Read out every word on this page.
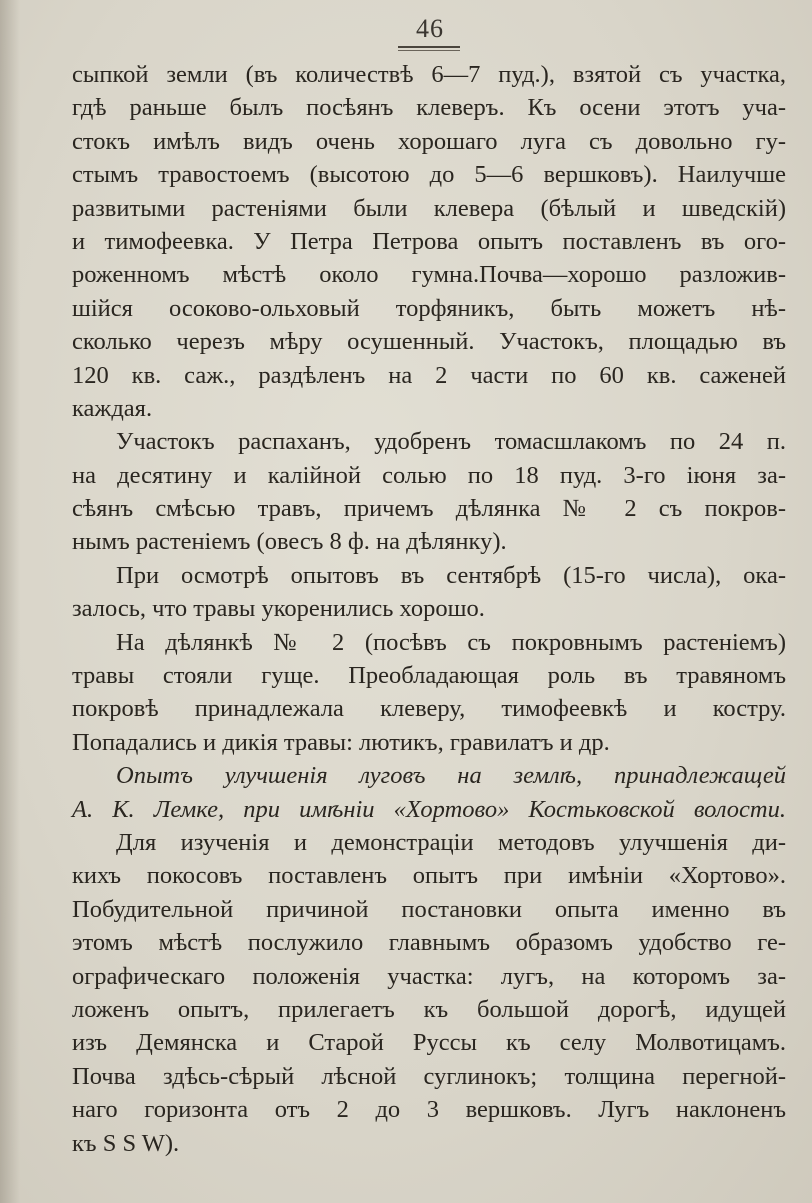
46
сыпкой земли (въ количествѣ 6—7 пуд.), взятой съ участка,
гдѣ раньше былъ посѣянъ клеверъ. Къ осени этотъ уча-
стокъ имѣлъ видъ очень хорошаго луга съ довольно гу-
стымъ травостоемъ (высотою до 5—6 вершковъ). Наилучше
развитыми растеніями были клевера (бѣлый и шведскій)
и тимофеевка. У Петра Петрова опытъ поставленъ въ ого-
роженномъ мѣстѣ около гумна.Почва—хорошо разложив-
шійся осоково-ольховый торфяникъ, быть можетъ нѣ-
сколько черезъ мѣру осушенный. Участокъ, площадью въ
120 кв. саж., раздѣленъ на 2 части по 60 кв. саженей
каждая.
Участокъ распаханъ, удобренъ томасшлакомъ по 24 п.
на десятину и калійной солью по 18 пуд. 3-го іюня за-
сѣянъ смѣсью травъ, причемъ дѣлянка № 2 съ покров-
нымъ растеніемъ (овесъ 8 ф. на дѣлянку).
При осмотрѣ опытовъ въ сентябрѣ (15-го числа), ока-
залось, что травы укоренились хорошо.
На дѣлянкѣ № 2 (посѣвъ съ покровнымъ растеніемъ)
травы стояли гуще. Преобладающая роль въ травяномъ
покровѣ принадлежала клеверу, тимофеевкѣ и костру.
Попадались и дикія травы: лютикъ, гравилатъ и др.
Опытъ улучшенія луговъ на землѣ, принадлежащей
А. К. Лемке, при имѣніи «Хортово» Костьковской волости.
Для изученія и демонстраціи методовъ улучшенія ди-
кихъ покосовъ поставленъ опытъ при имѣніи «Хортово».
Побудительной причиной постановки опыта именно въ
этомъ мѣстѣ послужило главнымъ образомъ удобство ге-
ографическаго положенія участка: лугъ, на которомъ за-
ложенъ опытъ, прилегаетъ къ большой дорогѣ, идущей
изъ Демянска и Старой Руссы къ селу Молвотицамъ.
Почва здѣсь-сѣрый лѣсной суглинокъ; толщина перегной-
наго горизонта отъ 2 до 3 вершковъ. Лугъ наклоненъ
къ S S W).
